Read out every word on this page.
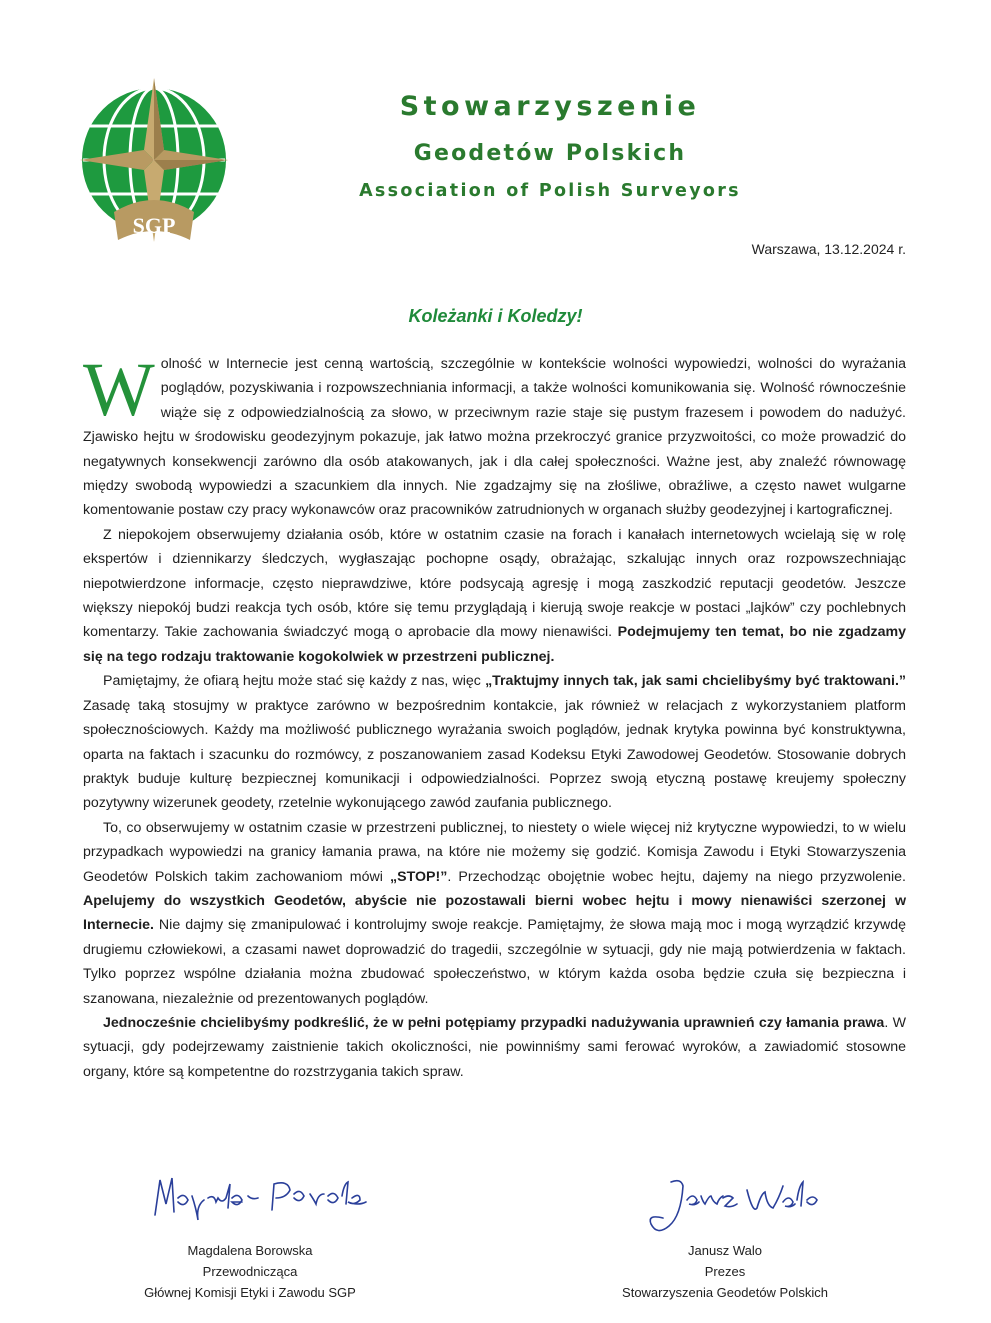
SGP
Stowarzyszenie
Geodetów Polskich
Association of Polish Surveyors
Warszawa, 13.12.2024 r.
Koleżanki i Koledzy!

Wolność w Internecie jest cenną wartością, szczególnie w kontekście wolności wypowiedzi, wolności do wyrażania poglądów, pozyskiwania i rozpowszechniania informacji, a także wolności komunikowania się. Wolność równocześnie wiąże się z odpowiedzialnością za słowo, w przeciwnym razie staje się pustym frazesem i powodem do nadużyć. Zjawisko hejtu w środowisku geodezyjnym pokazuje, jak łatwo można przekroczyć granice przyzwoitości, co może prowadzić do negatywnych konsekwencji zarówno dla osób atakowanych, jak i dla całej społeczności. Ważne jest, aby znaleźć równowagę między swobodą wypowiedzi a szacunkiem dla innych. Nie zgadzajmy się na złośliwe, obraźliwe, a często nawet wulgarne komentowanie postaw czy pracy wykonawców oraz pracowników zatrudnionych w organach służby geodezyjnej i kartograficznej.

Z niepokojem obserwujemy działania osób, które w ostatnim czasie na forach i kanałach internetowych wcielają się w rolę ekspertów i dziennikarzy śledczych, wygłaszając pochopne osądy, obrażając, szkalując innych oraz rozpowszechniając niepotwierdzone informacje, często nieprawdziwe, które podsycają agresję i mogą zaszkodzić reputacji geodetów. Jeszcze większy niepokój budzi reakcja tych osób, które się temu przyglądają i kierują swoje reakcje w postaci „lajków” czy pochlebnych komentarzy. Takie zachowania świadczyć mogą o aprobacie dla mowy nienawiści. Podejmujemy ten temat, bo nie zgadzamy się na tego rodzaju traktowanie kogokolwiek w przestrzeni publicznej.

Pamiętajmy, że ofiarą hejtu może stać się każdy z nas, więc „Traktujmy innych tak, jak sami chcielibyśmy być traktowani.” Zasadę taką stosujmy w praktyce zarówno w bezpośrednim kontakcie, jak również w relacjach z wykorzystaniem platform społecznościowych. Każdy ma możliwość publicznego wyrażania swoich poglądów, jednak krytyka powinna być konstruktywna, oparta na faktach i szacunku do rozmówcy, z poszanowaniem zasad Kodeksu Etyki Zawodowej Geodetów. Stosowanie dobrych praktyk buduje kulturę bezpiecznej komunikacji i odpowiedzialności. Poprzez swoją etyczną postawę kreujemy społeczny pozytywny wizerunek geodety, rzetelnie wykonującego zawód zaufania publicznego.

To, co obserwujemy w ostatnim czasie w przestrzeni publicznej, to niestety o wiele więcej niż krytyczne wypowiedzi, to w wielu przypadkach wypowiedzi na granicy łamania prawa, na które nie możemy się godzić. Komisja Zawodu i Etyki Stowarzyszenia Geodetów Polskich takim zachowaniom mówi „STOP!”. Przechodząc obojętnie wobec hejtu, dajemy na niego przyzwolenie. Apelujemy do wszystkich Geodetów, abyście nie pozostawali bierni wobec hejtu i mowy nienawiści szerzonej w Internecie. Nie dajmy się zmanipulować i kontrolujmy swoje reakcje. Pamiętajmy, że słowa mają moc i mogą wyrządzić krzywdę drugiemu człowiekowi, a czasami nawet doprowadzić do tragedii, szczególnie w sytuacji, gdy nie mają potwierdzenia w faktach. Tylko poprzez wspólne działania można zbudować społeczeństwo, w którym każda osoba będzie czuła się bezpieczna i szanowana, niezależnie od prezentowanych poglądów.

Jednocześnie chcielibyśmy podkreślić, że w pełni potępiamy przypadki nadużywania uprawnień czy łamania prawa. W sytuacji, gdy podejrzewamy zaistnienie takich okoliczności, nie powinniśmy sami ferować wyroków, a zawiadomić stosowne organy, które są kompetentne do rozstrzygania takich spraw.

Magdalena Borowska
Przewodnicząca
Głównej Komisji Etyki i Zawodu SGP
Janusz Walo
Prezes
Stowarzyszenia Geodetów Polskich
